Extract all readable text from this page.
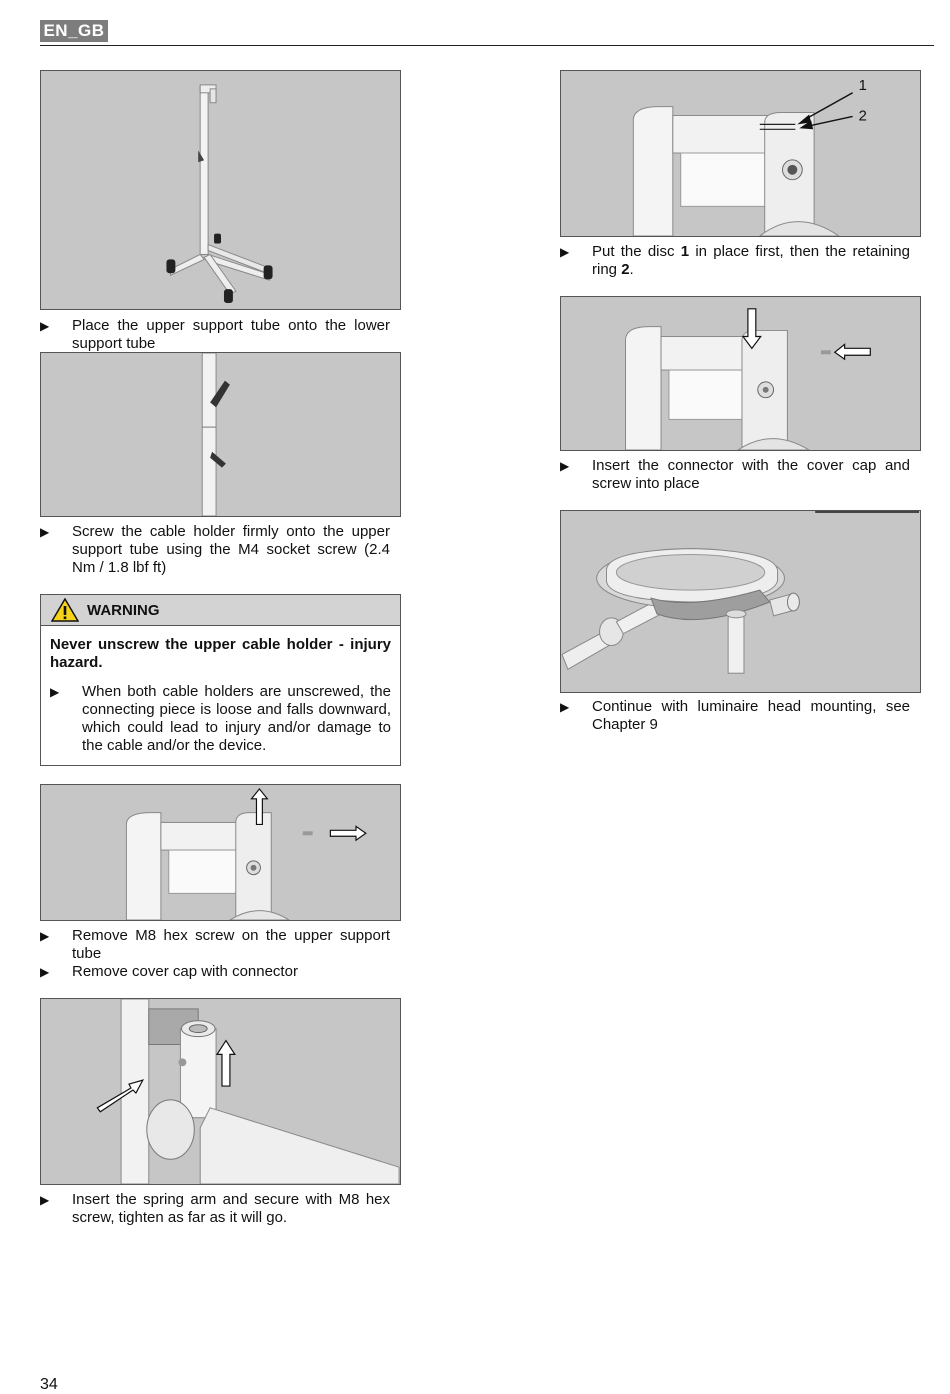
EN_GB
▶	Place the upper support tube onto the lower support tube
▶	Screw the cable holder firmly onto the upper support tube using the M4 socket screw (2.4 Nm / 1.8 lbf ft)
WARNING
Never unscrew the upper cable holder - injury hazard.
▶	When both cable holders are unscrewed, the connecting piece is loose and falls downward, which could lead to injury and/or damage to the cable and/or the device.
▶	Remove M8 hex screw on the upper support tube
▶	Remove cover cap with connector
▶	Insert the spring arm and secure with M8 hex screw, tighten as far as it will go.
1
2
▶	Put the disc 1 in place first, then the retaining ring 2.
▶	Insert the connector with the cover cap and screw into place
▶	Continue with luminaire head mounting, see Chapter 9
34
